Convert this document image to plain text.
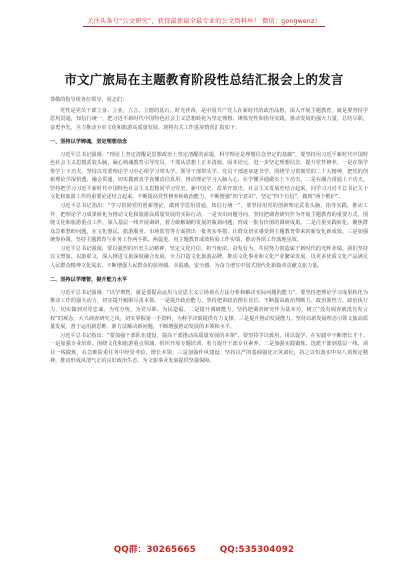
关注头条号“公文研究”，获得最新最全最专业的公文资料库！ 微信：gongwenz）
市文广旅局在主题教育阶段性总结汇报会上的发言

尊敬的指导组各位领导、同志们：

党性是党员干部立身、立业、立言、立德的基石。时光荏苒，是中国共产党人在新时代的政治品格，深入开展主题教育，就是要坚持学思用贯通，知信行统一，把习近平新时代中国特色社会主义思想转化为坚定理想、锤炼党性和指导实践，推动发展的强大力量。总结尽职，奋勇争先，全力推动全市文化和旅游高质量发展。现将有关工作进展情况汇报如下：

一、坚持以学铸魂，坚定理想信念

习近平总书记强调：“理论上坚定清醒是思想政治上坚定清醒的前提，科学理论是理想信念坚定的基础”。要坚持用习近平新时代中国特色社会主义思想武装头脑，凝心铸魂教育引导党员，干部从思想上正本清源、固本培元，进一步坚定理想信念，提升党性修养，一是在领学带学上下功夫。坚持以党委理论学习中心组学习带头学、领导干部带头学、党员干部逐章逐节学，围绕学习贯彻党的二十大精神，把党的创新理论学深悟透、融会贯通，切实做到真学真懂真信真用，推动理论学习入脑入心，在学懂弄通做实上下功夫。二是在融合贯通上下功夫。坚持把学习习近平新时代中国特色社会主义思想同学习党史、新中国史、改革开放史、社会主义发展史结合起来，同学习习近平总书记关于文化和旅游工作的重要论述结合起来，不断提高党性修养和政治能力，不断增强“四个意识”，坚定“四个自信”，做到“两个维护”。

习近平总书记指出：“学习贯彻党的创新理论，做到学思用贯通，知信行统一”。要坚持用党的创新理论武装头脑、指导实践、推动工作，把理论学习成果转化为推动文化和旅游高质量发展的实际行动。一是突出问题导向。坚持把调查研究作为开展主题教育的重要方式，围绕文化和旅游重点工作，深入基层一线开展调研，着力破解制约发展的瓶颈问题，形成一批有价值的调研成果。二是注重实践转化。聚焦群众急难愁盼问题，在文化惠民、旅游服务、市场监管等方面推出一批务实举措，让群众切实感受到主题教育带来的新变化新成效。三是加强统筹协调。坚持主题教育与业务工作两手抓、两促进，用主题教育成效检验工作实绩，推动各项工作落地见效。

习近平总书记强调，要以强烈的历史主动精神，坚定文化自信，担当使命，奋发有为，共同努力创造属于新时代的光辉业绩。我们坚持以文塑旅、以旅彰文，深入推进文旅深度融合发展，全力打造文化旅游品牌，推动文化事业和文化产业繁荣发展，以更多优质文化产品满足人民群众精神文化需求，不断增强人民群众的获得感、幸福感、安全感，为奋力谱写中国式现代化新篇章贡献文旅力量。

二、坚持以学增智，提升能力水平

习近平总书记强调：“以学增智，就是要提高运用马克思主义立场观点方法分析和解决实际问题的能力”。要坚持把理论学习成果转化为推动工作的强大动力，切实提升履职尽责本领。一是提升政治能力。坚持把讲政治摆在首位，不断提高政治判断力、政治领悟力、政治执行力，切实做到对党忠诚、为党分忧、为党尽职、为民造福。二是提升调研能力。坚持把调查研究作为基本功，树立“没有调查就没有发言权”的观念，大兴调查研究之风，切实掌握第一手资料，为科学决策提供有力支撑。三是提升推动发展能力。坚持以新发展理念引领文旅高质量发展，善于运用新思维、新方法解决新问题，不断增强推动发展的本领和水平。

习近平总书记指出：“要加强干部队伍建设，提高干部推动高质量发展的本领”。要坚持学以致用、用以促学，在实践中不断增长才干。一是加强专业培训。围绕文化和旅游重点领域，组织开展专题培训，着力提升干部专业素养。二是加强实践锻炼。选派干部到基层一线、项目一线锻炼，在急难险重任务中经受考验、增长本领。三是加强作风建设。坚持以严的基调强化正风肃纪，持之以恒落实中央八项规定精神，推动形成风清气正的良好政治生态，为文旅事业发展提供坚强保障。

QQ群：30265665	QQ:535304092
